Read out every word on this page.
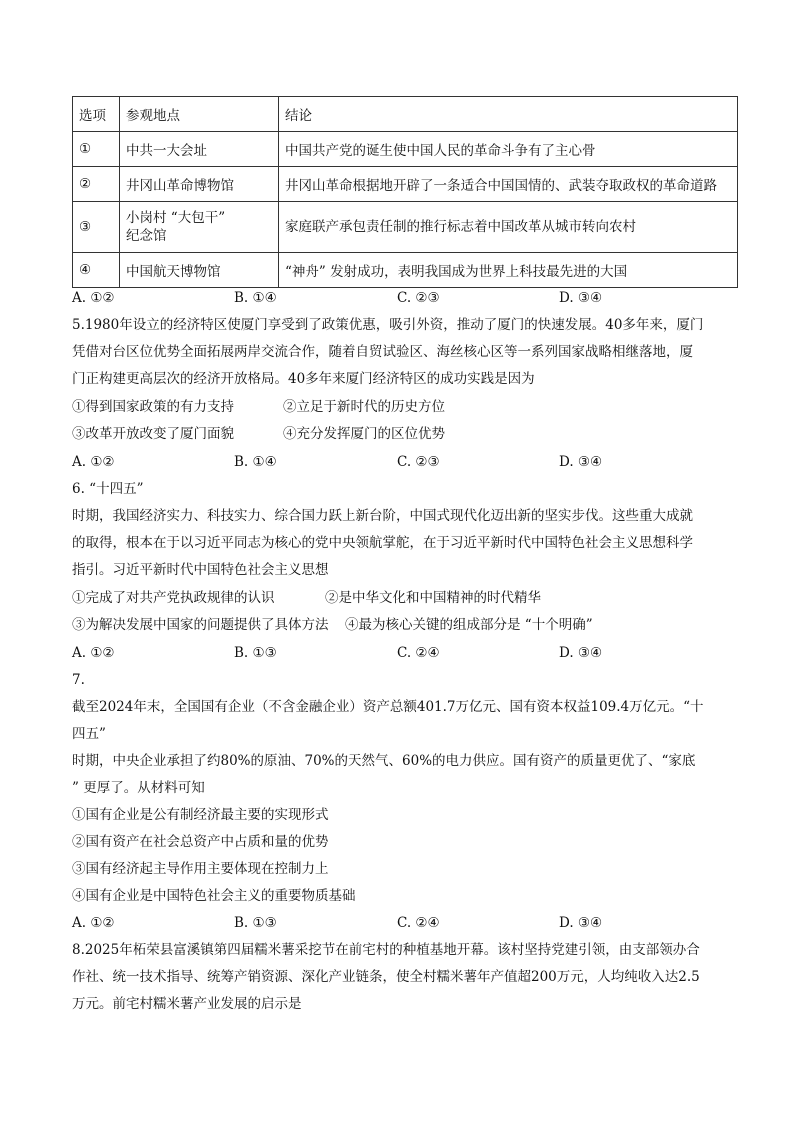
选项	参观地点	结论
①	中共一大会址	中国共产党的诞生使中国人民的革命斗争有了主心骨
②	井冈山革命博物馆	井冈山革命根据地开辟了一条适合中国国情的、武装夺取政权的革命道路
③	小岗村 “大包干”
纪念馆	家庭联产承包责任制的推行标志着中国改革从城市转向农村
④	中国航天博物馆	“神舟” 发射成功，表明我国成为世界上科技最先进的大国
A. ①②	B. ①④	C. ②③	D. ③④
5.1980年设立的经济特区使厦门享受到了政策优惠，吸引外资，推动了厦门的快速发展。40多年来，厦门
凭借对台区位优势全面拓展两岸交流合作，随着自贸试验区、海丝核心区等一系列国家战略相继落地，厦
门正构建更高层次的经济开放格局。40多年来厦门经济特区的成功实践是因为
①得到国家政策的有力支持	②立足于新时代的历史方位
③改革开放改变了厦门面貌	④充分发挥厦门的区位优势
A. ①②	B. ①④	C. ②③	D. ③④
6. “十四五”
时期，我国经济实力、科技实力、综合国力跃上新台阶，中国式现代化迈出新的坚实步伐。这些重大成就
的取得，根本在于以习近平同志为核心的党中央领航掌舵，在于习近平新时代中国特色社会主义思想科学
指引。习近平新时代中国特色社会主义思想
①完成了对共产党执政规律的认识	②是中华文化和中国精神的时代精华
③为解决发展中国家的问题提供了具体方法 ④最为核心关键的组成部分是 “十个明确”
A. ①②	B. ①③	C. ②④	D. ③④
7.
截至2024年末，全国国有企业（不含金融企业）资产总额401.7万亿元、国有资本权益109.4万亿元。“十
四五”
时期，中央企业承担了约80%的原油、70%的天然气、60%的电力供应。国有资产的质量更优了、“家底
” 更厚了。从材料可知
①国有企业是公有制经济最主要的实现形式
②国有资产在社会总资产中占质和量的优势
③国有经济起主导作用主要体现在控制力上
④国有企业是中国特色社会主义的重要物质基础
A. ①②	B. ①③	C. ②④	D. ③④
8.2025年柘荣县富溪镇第四届糯米薯采挖节在前宅村的种植基地开幕。该村坚持党建引领，由支部领办合
作社、统一技术指导、统筹产销资源、深化产业链条，使全村糯米薯年产值超200万元，人均纯收入达2.5
万元。前宅村糯米薯产业发展的启示是
